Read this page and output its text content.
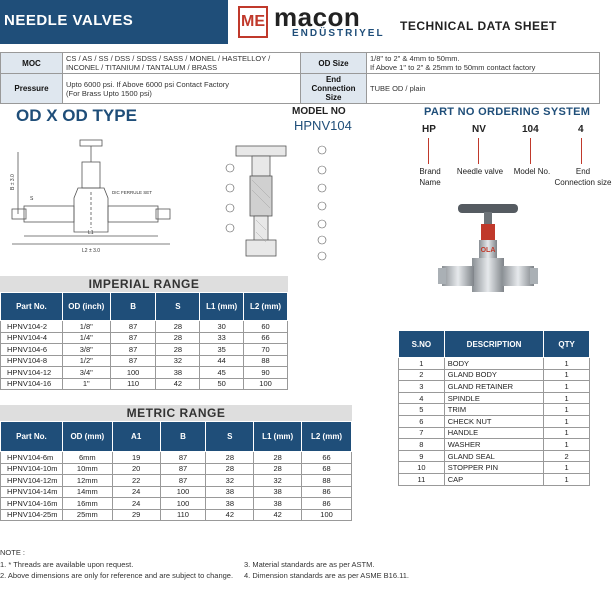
NEEDLE VALVES	ME macon
ENDÜSTRIYEL
TECHNICAL DATA SHEET
MOC	CS / AS / SS / DSS / SDSS / SASS / MONEL / HASTELLOY / INCONEL / TITANIUM / TANTALUM / BRASS	OD Size	1/8" to 2" & 4mm to 50mm.
If Above 1" to 2" & 25mm to 50mm contact factory

Pressure	Upto 6000 psi. If Above 6000 psi Contact Factory
(For Brass Upto 1500 psi)	End Connection Size	TUBE OD / plain
OD X OD TYPE	MODEL NO
HPNV104
B ± 3.0
L1
L2 ± 3.0
DIC FERRULE SET
S
PART NO ORDERING SYSTEM
HP	NV	104	4
Brand
Name
Needle valve	Model No.	End
Connection size
OLA
IMPERIAL RANGE
Part No.	OD (inch)	B	S	L1 (mm)	L2 (mm)
HPNV104-2	1/8"	87	28	30	60
HPNV104-4	1/4"	87	28	33	66
HPNV104-6	3/8"	87	28	35	70
HPNV104-8	1/2"	87	32	44	88
HPNV104-12	3/4"	100	38	45	90
HPNV104-16	1"	110	42	50	100
METRIC RANGE
Part No.	OD (mm)	A1	B	S	L1 (mm)	L2 (mm)
HPNV104-6m	6mm	19	87	28	28	66
HPNV104-10m	10mm	20	87	28	28	68
HPNV104-12m	12mm	22	87	32	32	88
HPNV104-14m	14mm	24	100	38	38	86
HPNV104-16m	16mm	24	100	38	38	86
HPNV104-25m	25mm	29	110	42	42	100
S.NO	DESCRIPTION	QTY
1	BODY	1
2	GLAND BODY	1
3	GLAND RETAINER	1
4	SPINDLE	1
5	TRIM	1
6	CHECK NUT	1
7	HANDLE	1
8	WASHER	1
9	GLAND SEAL	2
10	STOPPER PIN	1
11	CAP	1
NOTE :
1. * Threads are available upon request.
2. Above dimensions are only for reference and are subject to change.
3. Material standards are as per ASTM.
4. Dimension standards are as per ASME B16.11.
